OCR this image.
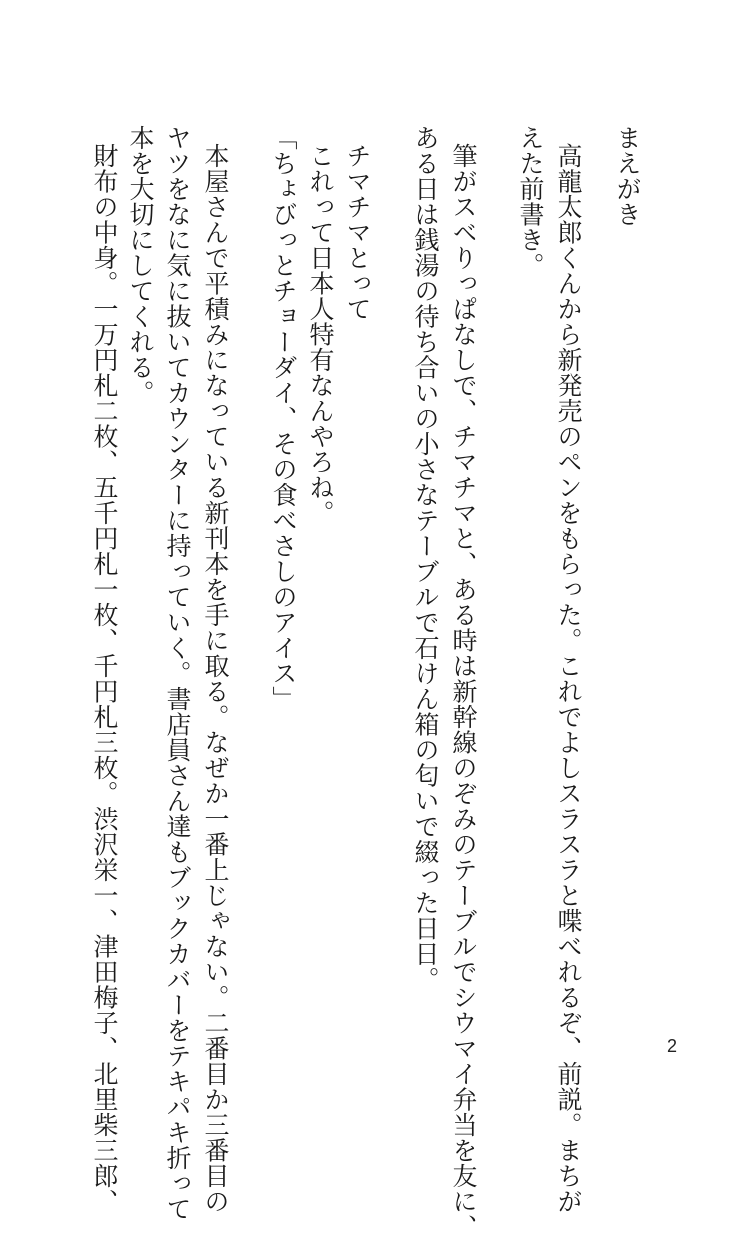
まえがき
高龍太郎くんから新発売のペンをもらった。これでよしスラスラと喋べれるぞ、前説。まちが
えた前書き。
筆がスベりっぱなしで、チマチマと、ある時は新幹線のぞみのテーブルでシウマイ弁当を友に、
ある日は銭湯の待ち合いの小さなテーブルで石けん箱の匂いで綴った日日。
チマチマとって
これって日本人特有なんやろね。
「ちょびっとチョーダイ、その食べさしのアイス」
本屋さんで平積みになっている新刊本を手に取る。なぜか一番上じゃない。二番目か三番目の
ヤツをなに気に抜いてカウンターに持っていく。書店員さん達もブックカバーをテキパキ折って
本を大切にしてくれる。
財布の中身。一万円札二枚、五千円札一枚、千円札三枚。渋沢栄一、津田梅子、北里柴三郎、	2
